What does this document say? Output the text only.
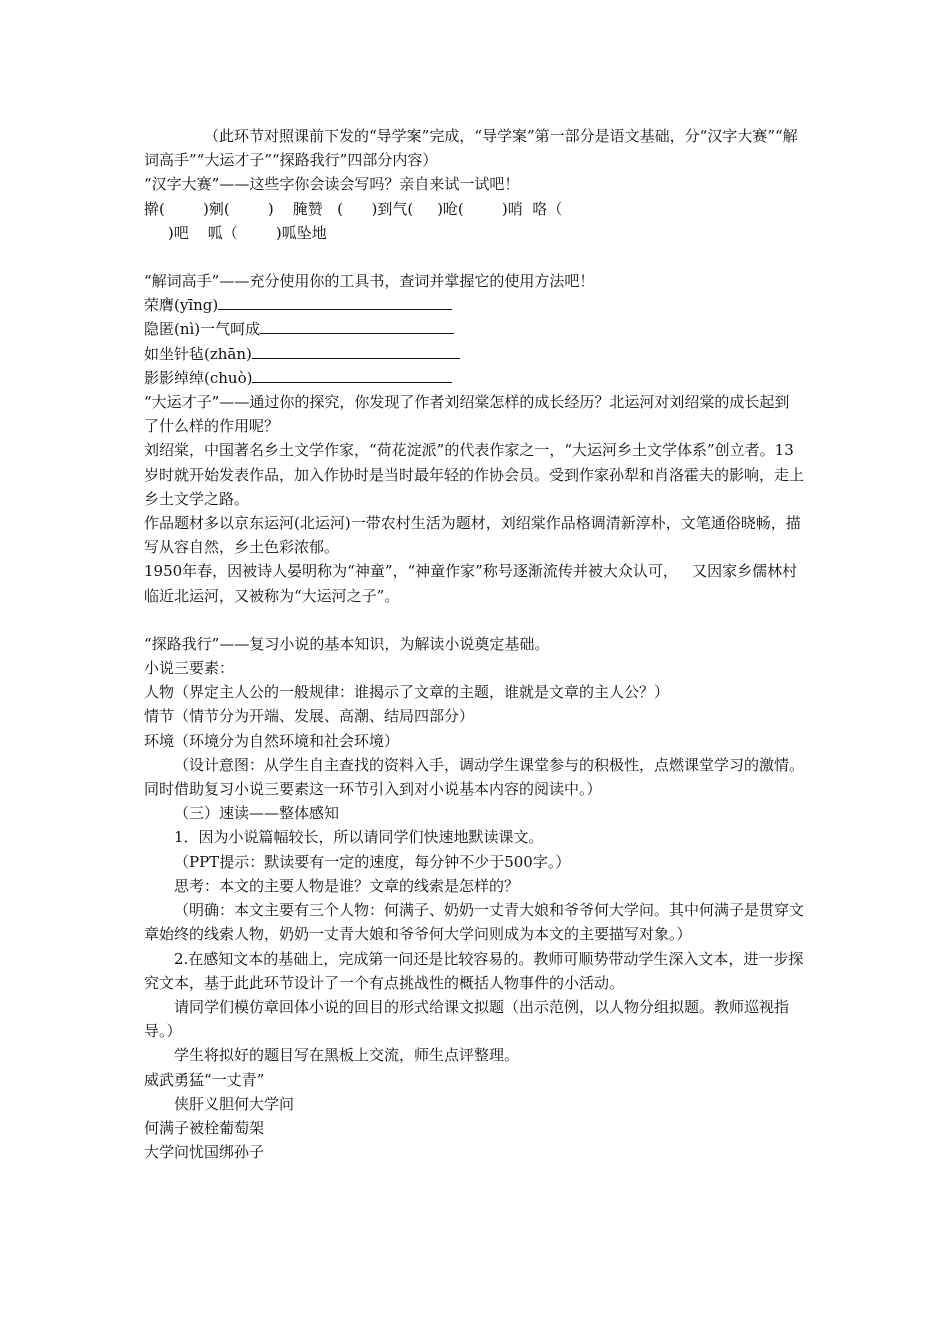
（此环节对照课前下发的“导学案”完成，“导学案”第一部分是语文基础，分“汉字大赛”“解词高手”“大运才子”“探路我行”四部分内容）

“汉字大赛”——这些字你会读会写吗？亲自来试一试吧！

擀(        )剜(        )    腌赞   (      )到气(     )呛(        )哨  咯（

)吧    呱（        )呱坠地

“解词高手”——充分使用你的工具书，查词并掌握它的使用方法吧！

荣膺(yīng)

隐匿(nì)一气呵成

如坐针毡(zhān)

影影绰绰(chuò)

“大运才子”——通过你的探究，你发现了作者刘绍棠怎样的成长经历？北运河对刘绍棠的成长起到了什么样的作用呢？

刘绍棠，中国著名乡土文学作家，“荷花淀派”的代表作家之一，“大运河乡土文学体系”创立者。13岁时就开始发表作品，加入作协时是当时最年轻的作协会员。受到作家孙犁和肖洛霍夫的影响，走上乡土文学之路。

作品题材多以京东运河(北运河)一带农村生活为题材，刘绍棠作品格调清新淳朴，文笔通俗晓畅，描写从容自然，乡土色彩浓郁。

1950年春，因被诗人晏明称为“神童”，“神童作家”称号逐渐流传并被大众认可，   又因家乡儒林村临近北运河，又被称为“大运河之子”。

“探路我行”——复习小说的基本知识，为解读小说奠定基础。

小说三要素：

人物（界定主人公的一般规律：谁揭示了文章的主题，谁就是文章的主人公？）

情节（情节分为开端、发展、高潮、结局四部分）

环境（环境分为自然环境和社会环境）

（设计意图：从学生自主查找的资料入手，调动学生课堂参与的积极性，点燃课堂学习的激情。同时借助复习小说三要素这一环节引入到对小说基本内容的阅读中。）

（三）速读——整体感知

1．因为小说篇幅较长，所以请同学们快速地默读课文。

（PPT提示：默读要有一定的速度，每分钟不少于500字。）

思考：本文的主要人物是谁？文章的线索是怎样的？

（明确：本文主要有三个人物：何满子、奶奶一丈青大娘和爷爷何大学问。其中何满子是贯穿文章始终的线索人物，奶奶一丈青大娘和爷爷何大学问则成为本文的主要描写对象。）

2.在感知文本的基础上，完成第一问还是比较容易的。教师可顺势带动学生深入文本，进一步探究文本，基于此此环节设计了一个有点挑战性的概括人物事件的小活动。

请同学们模仿章回体小说的回目的形式给课文拟题（出示范例，以人物分组拟题。教师巡视指导。）

学生将拟好的题目写在黑板上交流，师生点评整理。

威武勇猛“一丈青”

侠肝义胆何大学问

何满子被栓葡萄架

大学问忧国绑孙子
